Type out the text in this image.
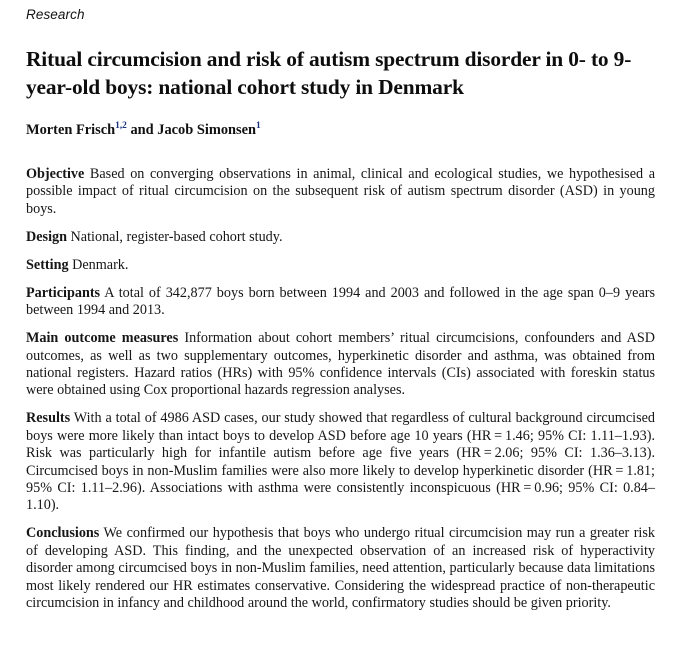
Research
Ritual circumcision and risk of autism spectrum disorder in 0- to 9-year-old boys: national cohort study in Denmark
Morten Frisch$^{1,2}$ and Jacob Simonsen$^1$

Objective Based on converging observations in animal, clinical and ecological studies, we hypothesised a possible impact of ritual circumcision on the subsequent risk of autism spectrum disorder (ASD) in young boys.

Design National, register-based cohort study.

Setting Denmark.

Participants A total of 342,877 boys born between 1994 and 2003 and followed in the age span 0–9 years between 1994 and 2013.

Main outcome measures Information about cohort members’ ritual circumcisions, confounders and ASD outcomes, as well as two supplementary outcomes, hyperkinetic disorder and asthma, was obtained from national registers. Hazard ratios (HRs) with 95% confidence intervals (CIs) associated with foreskin status were obtained using Cox proportional hazards regression analyses.

Results With a total of 4986 ASD cases, our study showed that regardless of cultural background circumcised boys were more likely than intact boys to develop ASD before age 10 years (HR = 1.46; 95% CI: 1.11–1.93). Risk was particularly high for infantile autism before age five years (HR = 2.06; 95% CI: 1.36–3.13). Circumcised boys in non-Muslim families were also more likely to develop hyperkinetic disorder (HR = 1.81; 95% CI: 1.11–2.96). Associations with asthma were consistently inconspicuous (HR = 0.96; 95% CI: 0.84–1.10).

Conclusions We confirmed our hypothesis that boys who undergo ritual circumcision may run a greater risk of developing ASD. This finding, and the unexpected observation of an increased risk of hyperactivity disorder among circumcised boys in non-Muslim families, need attention, particularly because data limitations most likely rendered our HR estimates conservative. Considering the widespread practice of non-therapeutic circumcision in infancy and childhood around the world, confirmatory studies should be given priority.
